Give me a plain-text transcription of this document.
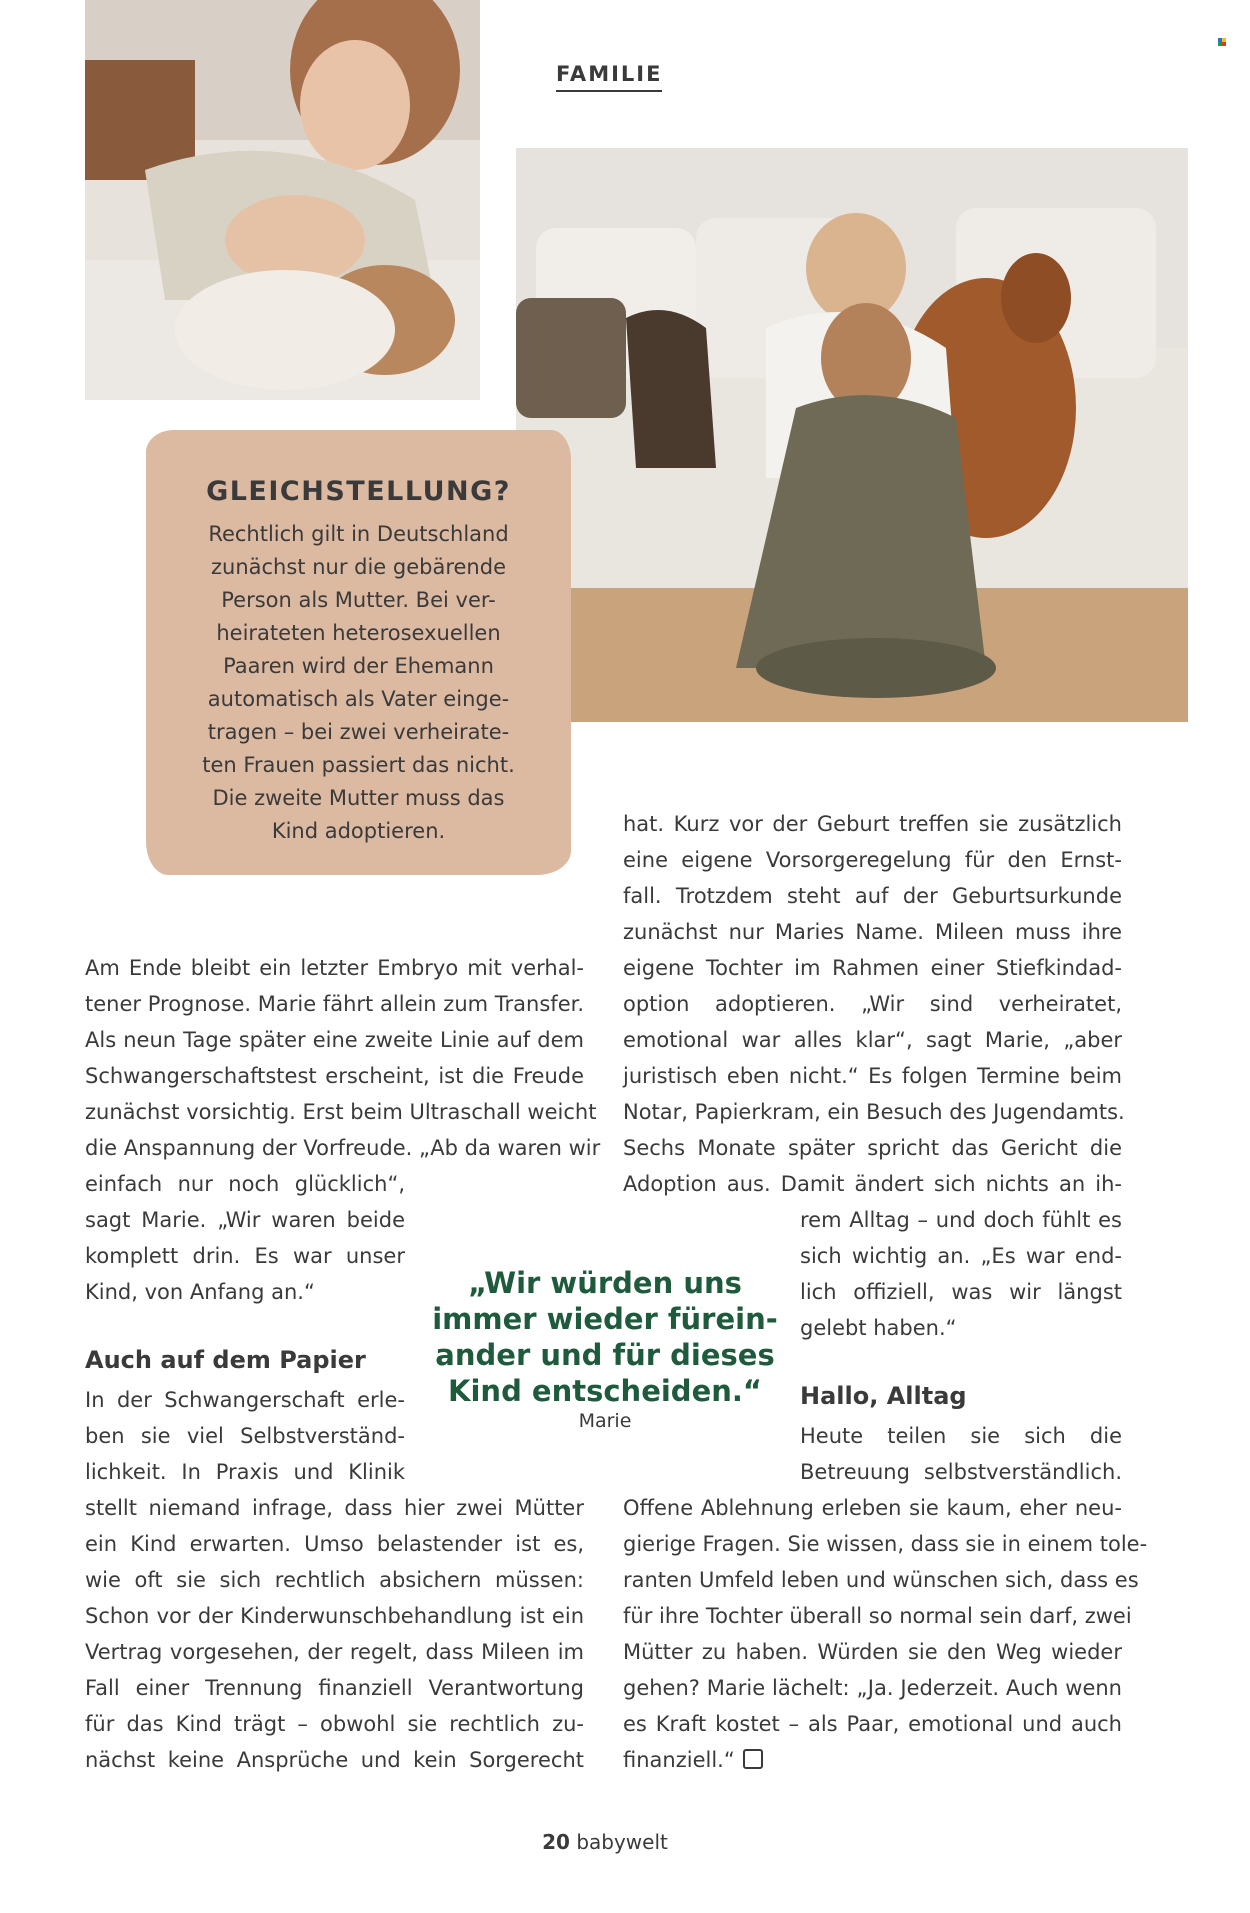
FAMILIE
GLEICHSTELLUNG?
Rechtlich gilt in Deutschland
zunächst nur die gebärende
Person als Mutter. Bei ver-
heirateten heterosexuellen
Paaren wird der Ehemann
automatisch als Vater einge-
tragen – bei zwei verheirate-
ten Frauen passiert das nicht.
Die zweite Mutter muss das
Kind adoptieren.
Am Ende bleibt ein letzter Embryo mit verhal-
tener Prognose. Marie fährt allein zum Transfer.
Als neun Tage später eine zweite Linie auf dem
Schwangerschaftstest erscheint, ist die Freude
zunächst vorsichtig. Erst beim Ultraschall weicht
die Anspannung der Vorfreude. „Ab da waren wir
einfach nur noch glücklich“,
sagt Marie. „Wir waren beide
komplett drin. Es war unser
Kind, von Anfang an.“
Auch auf dem Papier
In der Schwangerschaft erle-
ben sie viel Selbstverständ-
lichkeit. In Praxis und Klinik
stellt niemand infrage, dass hier zwei Mütter
ein Kind erwarten. Umso belastender ist es,
wie oft sie sich rechtlich absichern müssen:
Schon vor der Kinderwunschbehandlung ist ein
Vertrag vorgesehen, der regelt, dass Mileen im
Fall einer Trennung finanziell Verantwortung
für das Kind trägt – obwohl sie rechtlich zu-
nächst keine Ansprüche und kein Sorgerecht
hat. Kurz vor der Geburt treffen sie zusätzlich
eine eigene Vorsorgeregelung für den Ernst-
fall. Trotzdem steht auf der Geburtsurkunde
zunächst nur Maries Name. Mileen muss ihre
eigene Tochter im Rahmen einer Stiefkindad-
option adoptieren. „Wir sind verheiratet,
emotional war alles klar“, sagt Marie, „aber
juristisch eben nicht.“ Es folgen Termine beim
Notar, Papierkram, ein Besuch des Jugendamts.
Sechs Monate später spricht das Gericht die
Adoption aus. Damit ändert sich nichts an ih-
rem Alltag – und doch fühlt es
sich wichtig an. „Es war end-
lich offiziell, was wir längst
gelebt haben.“
Hallo, Alltag
Heute teilen sie sich die
Betreuung selbstverständlich.
Offene Ablehnung erleben sie kaum, eher neu-
gierige Fragen. Sie wissen, dass sie in einem tole-
ranten Umfeld leben und wünschen sich, dass es
für ihre Tochter überall so normal sein darf, zwei
Mütter zu haben. Würden sie den Weg wieder
gehen? Marie lächelt: „Ja. Jederzeit. Auch wenn
es Kraft kostet – als Paar, emotional und auch
finanziell.“
„Wir würden uns
immer wieder fürein-
ander und für dieses
Kind entscheiden.“
Marie
20 babywelt
